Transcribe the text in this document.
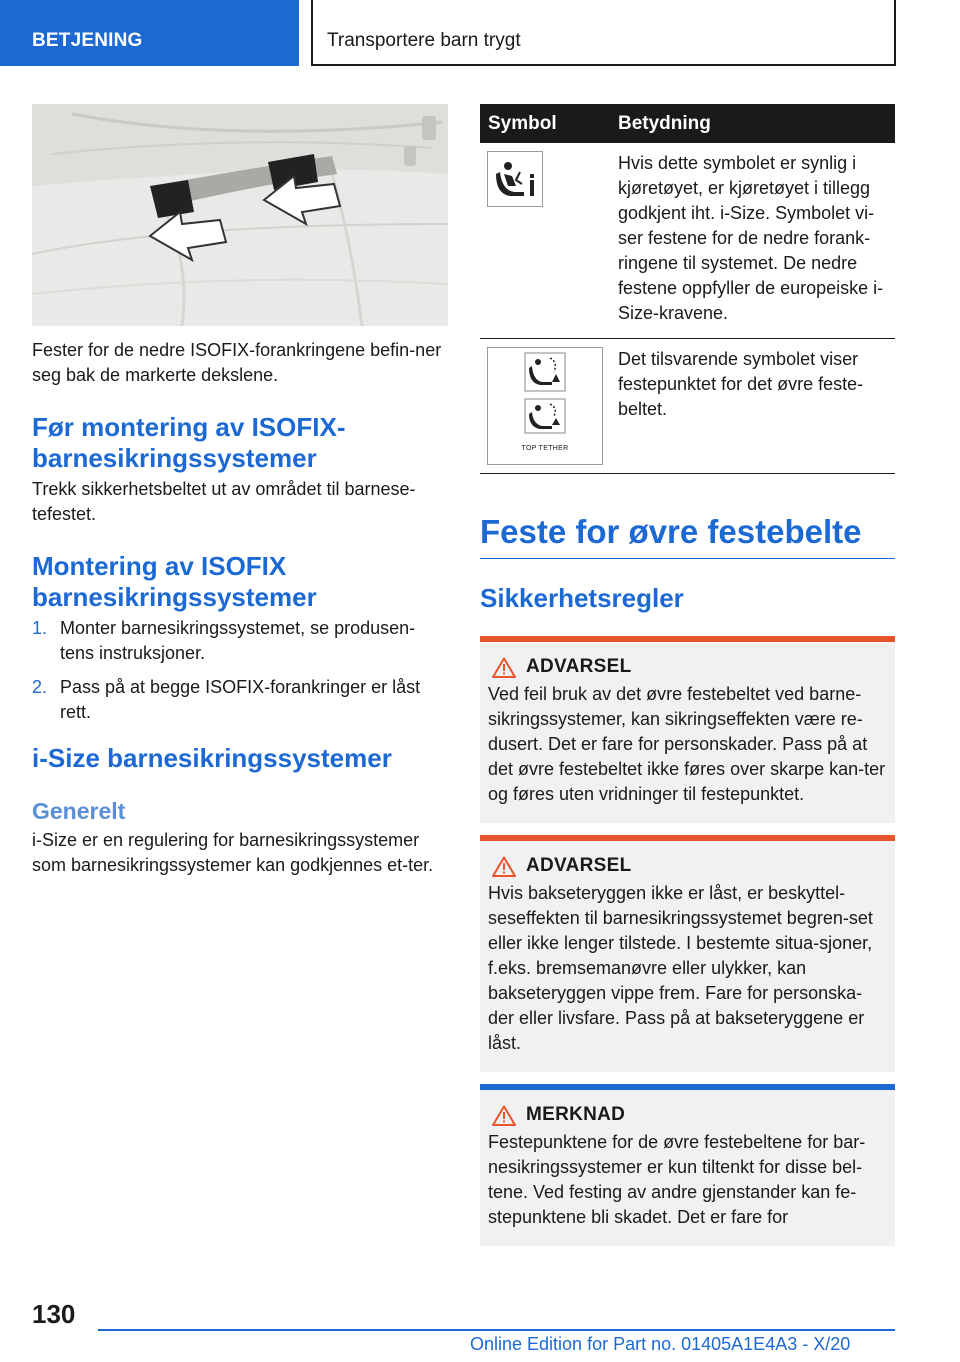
BETJENING	Transportere barn trygt
Fester for de nedre ISOFIX-forankringene befin-ner seg bak de markerte dekslene.
Før montering av ISOFIX-barnesikringssystemer
Trekk sikkerhetsbeltet ut av området til barnese-tefestet.
Montering av ISOFIX barnesikringssystemer
1. Monter barnesikringssystemet, se produsen-tens instruksjoner.
2. Pass på at begge ISOFIX-forankringer er låst rett.
i-Size barnesikringssystemer
Generelt
i-Size er en regulering for barnesikringssystemer som barnesikringssystemer kan godkjennes et-ter.
Symbol	Betydning

	Hvis dette symbolet er synlig i kjøretøyet, er kjøretøyet i tillegg godkjent iht. i-Size. Symbolet vi-ser festene for de nedre forank-ringene til systemet. De nedre festene oppfyller de europeiske i-Size-kravene.

TOP TETHER	Det tilsvarende symbolet viser festepunktet for det øvre feste-beltet.
Feste for øvre festebelte
Sikkerhetsregler
ADVARSEL
Ved feil bruk av det øvre festebeltet ved barne-sikringssystemer, kan sikringseffekten være re-dusert. Det er fare for personskader. Pass på at det øvre festebeltet ikke føres over skarpe kan-ter og føres uten vridninger til festepunktet.
ADVARSEL
Hvis bakseteryggen ikke er låst, er beskyttel-seseffekten til barnesikringssystemet begren-set eller ikke lenger tilstede. I bestemte situa-sjoner, f.eks. bremsemanøvre eller ulykker, kan bakseteryggen vippe frem. Fare for personska-der eller livsfare. Pass på at bakseteryggene er låst.
MERKNAD
Festepunktene for de øvre festebeltene for bar-nesikringssystemer er kun tiltenkt for disse bel-tene. Ved festing av andre gjenstander kan fe-stepunktene bli skadet. Det er fare for
130
Online Edition for Part no. 01405A1E4A3 - X/20
